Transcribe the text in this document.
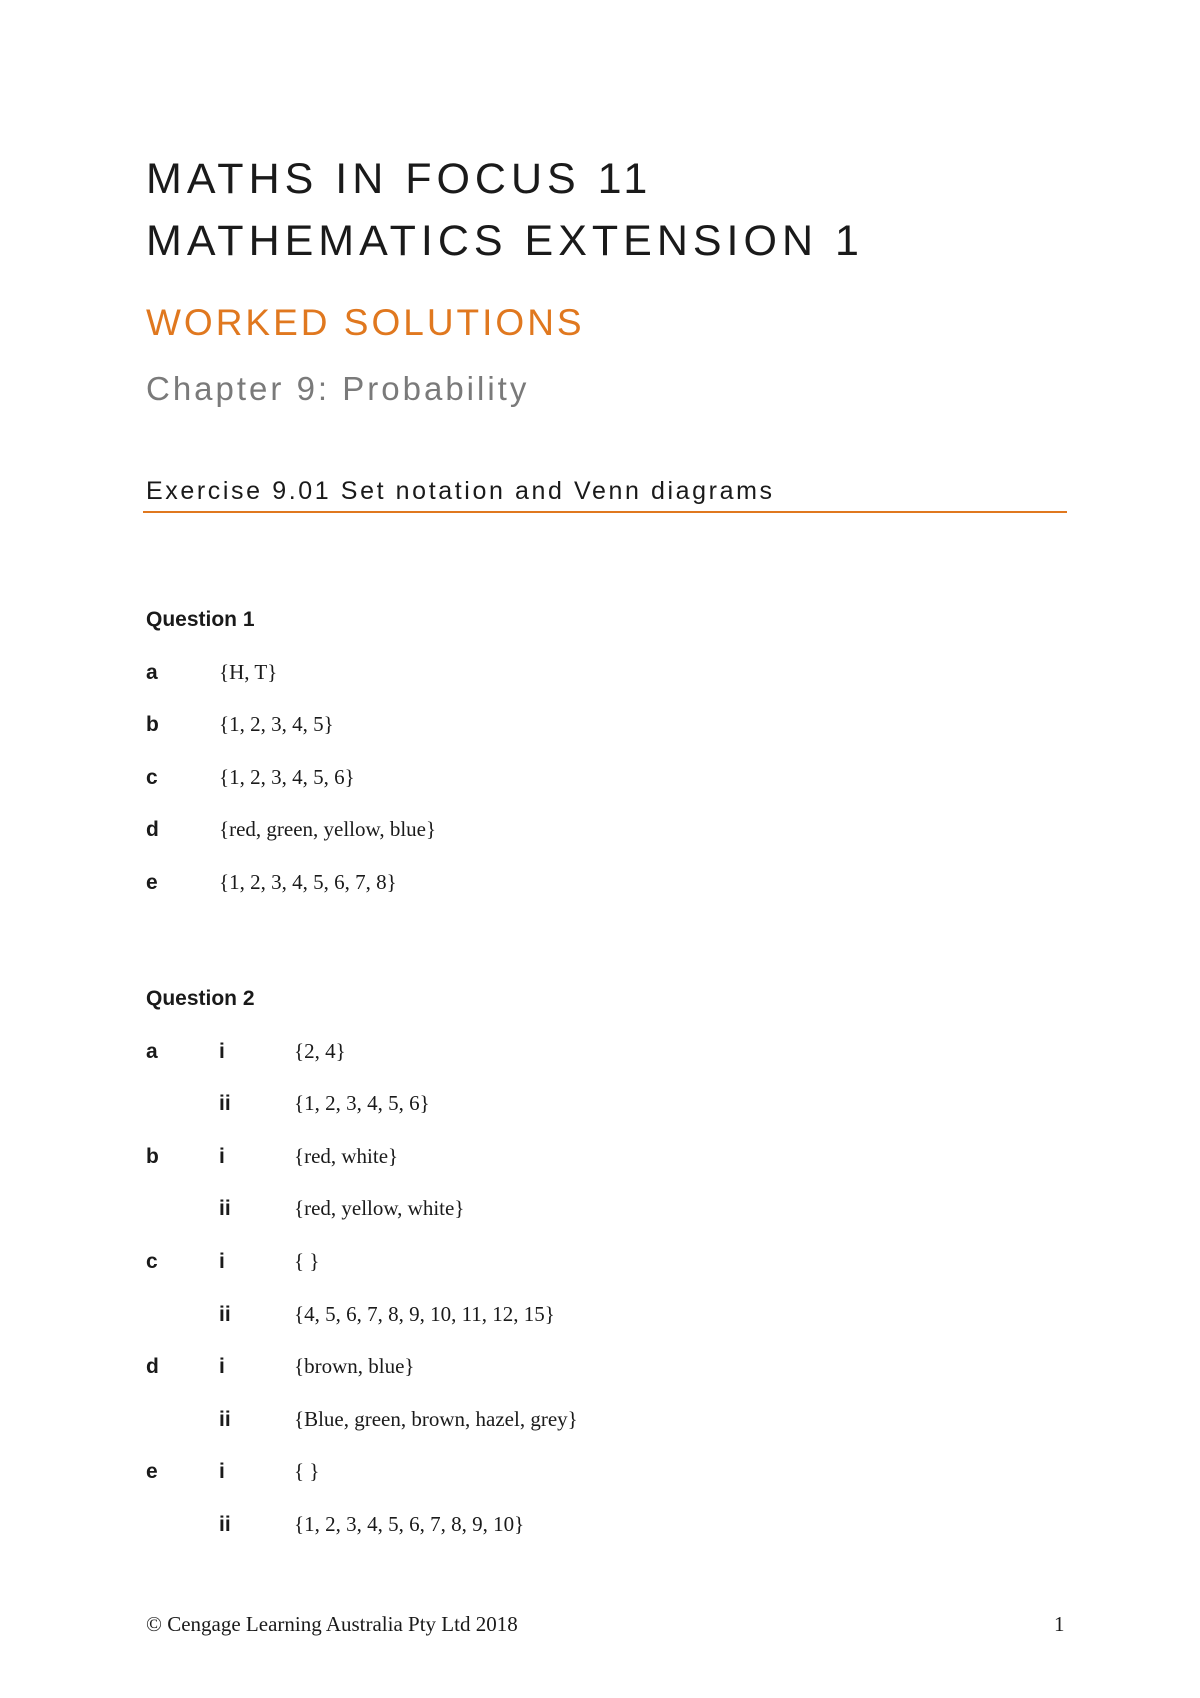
MATHS IN FOCUS 11
MATHEMATICS EXTENSION 1
WORKED SOLUTIONS
Chapter 9: Probability
Exercise 9.01 Set notation and Venn diagrams
Question 1
a	{H, T}
b	{1, 2, 3, 4, 5}
c	{1, 2, 3, 4, 5, 6}
d	{red, green, yellow, blue}
e	{1, 2, 3, 4, 5, 6, 7, 8}
Question 2
a	i	{2, 4}
ii	{1, 2, 3, 4, 5, 6}
b	i	{red, white}
ii	{red, yellow, white}
c	i	{ }
ii	{4, 5, 6, 7, 8, 9, 10, 11, 12, 15}
d	i	{brown, blue}
ii	{Blue, green, brown, hazel, grey}
e	i	{ }
ii	{1, 2, 3, 4, 5, 6, 7, 8, 9, 10}
© Cengage Learning Australia Pty Ltd 2018	1
